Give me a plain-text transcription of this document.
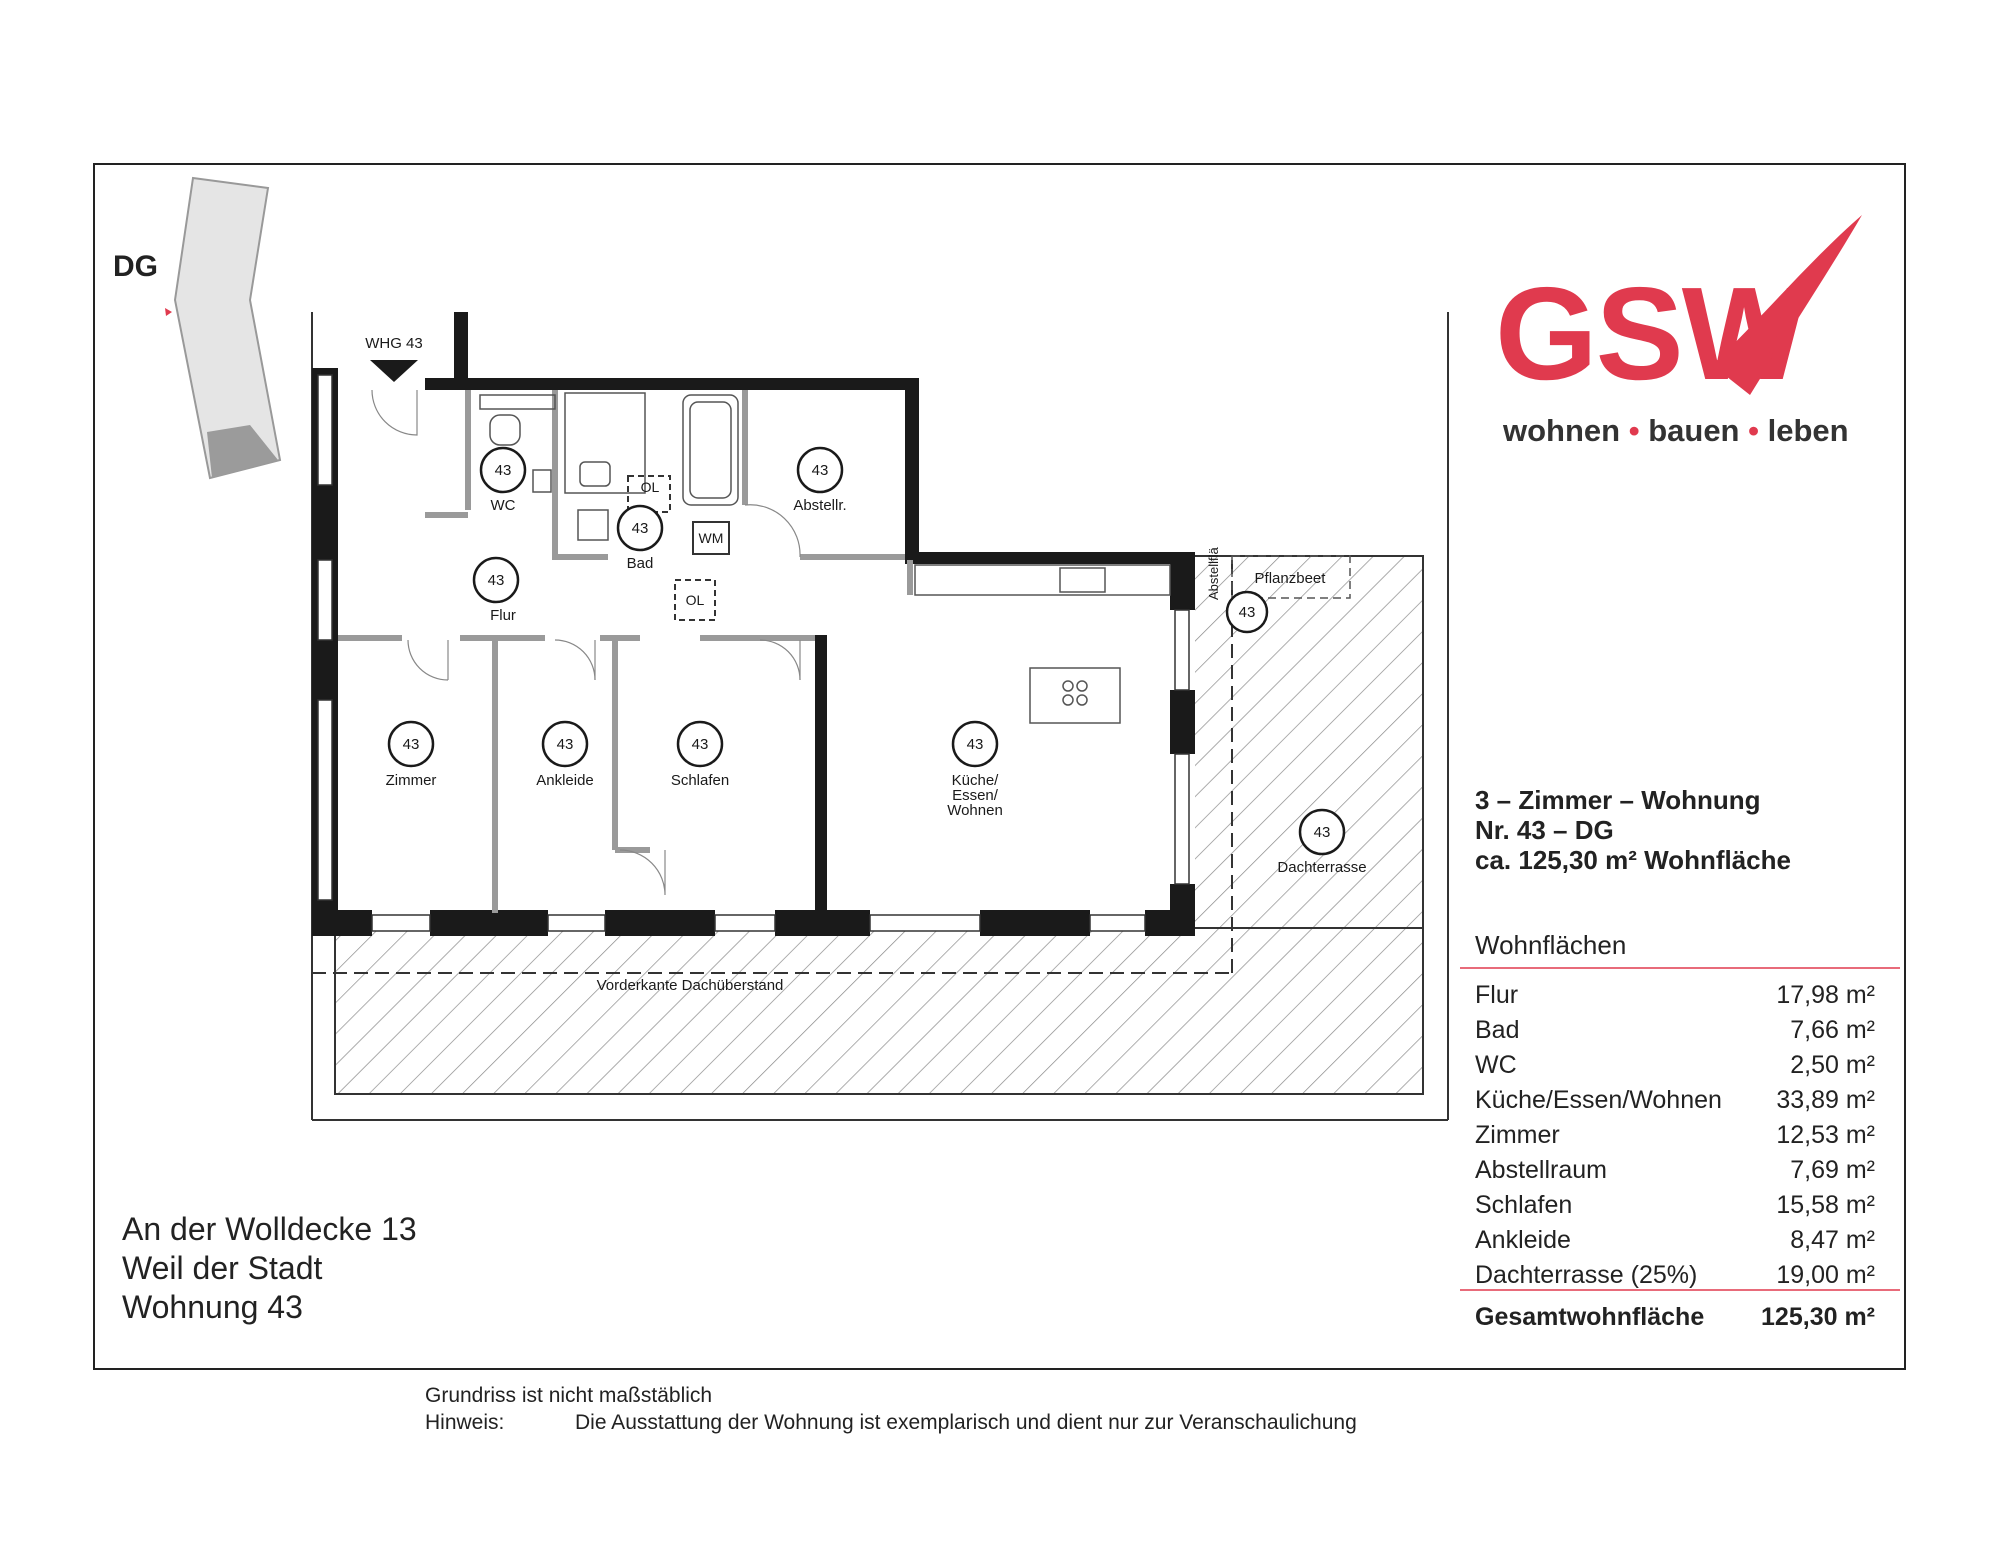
DG
43
43
43
43
43	43	43	43
43
43
WHG 43
WC
Bad
Abstellr.
Flur
Zimmer	Ankleide	Schlafen	Küche/
Essen/
Wohnen
Dachterrasse
Pflanzbeet
OL
OL
WM
Vorderkante Dachüberstand
Abstellflä
GSW
wohnen • bauen • leben
3 – Zimmer – Wohnung
Nr. 43 – DG
ca. 125,30 m² Wohnfläche
Wohnflächen
Flur	17,98 m²
Bad	7,66 m²
WC	2,50 m²
Küche/Essen/Wohnen 33,89 m²
Zimmer	12,53 m²
Abstellraum	7,69 m²
Schlafen	15,58 m²
Ankleide	8,47 m²
Dachterrasse (25%)	19,00 m²
Gesamtwohnfläche 125,30 m²
An der Wolldecke 13
Weil der Stadt
Wohnung 43
Grundriss ist nicht maßstäblich
Hinweis:	Die Ausstattung der Wohnung ist exemplarisch und dient nur zur Veranschaulichung
